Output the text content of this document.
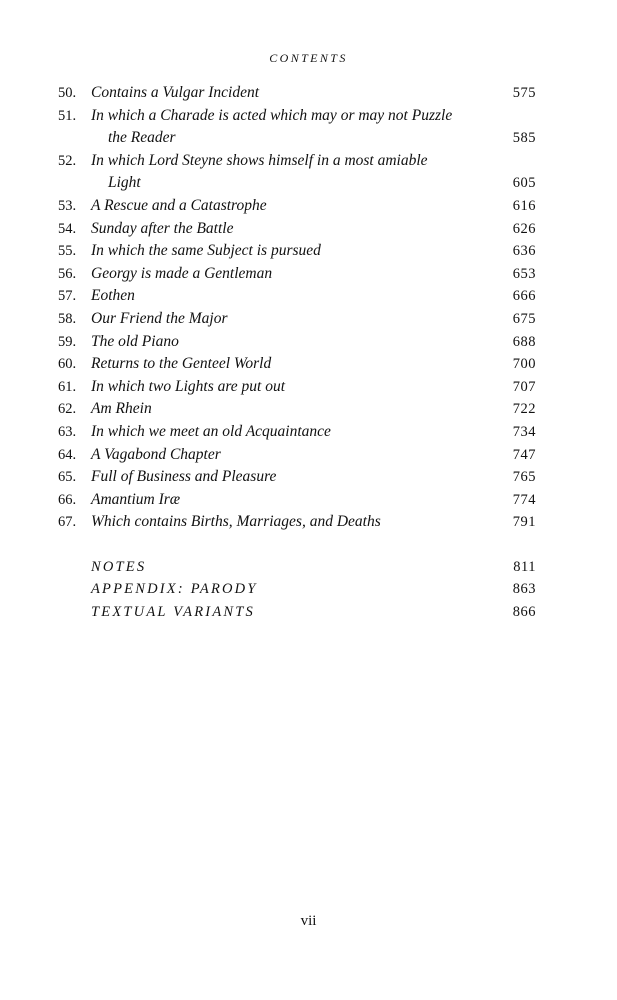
CONTENTS
50. Contains a Vulgar Incident	575
51. In which a Charade is acted which may or may not Puzzle
the Reader	585
52. In which Lord Steyne shows himself in a most amiable
Light	605
53. A Rescue and a Catastrophe	616
54. Sunday after the Battle	626
55. In which the same Subject is pursued	636
56. Georgy is made a Gentleman	653
57. Eothen	666
58. Our Friend the Major	675
59. The old Piano	688
60. Returns to the Genteel World	700
61. In which two Lights are put out	707
62. Am Rhein	722
63. In which we meet an old Acquaintance	734
64. A Vagabond Chapter	747
65. Full of Business and Pleasure	765
66. Amantium Iræ	774
67. Which contains Births, Marriages, and Deaths	791
NOTES	811
APPENDIX: PARODY	863
TEXTUAL VARIANTS	866
vii
